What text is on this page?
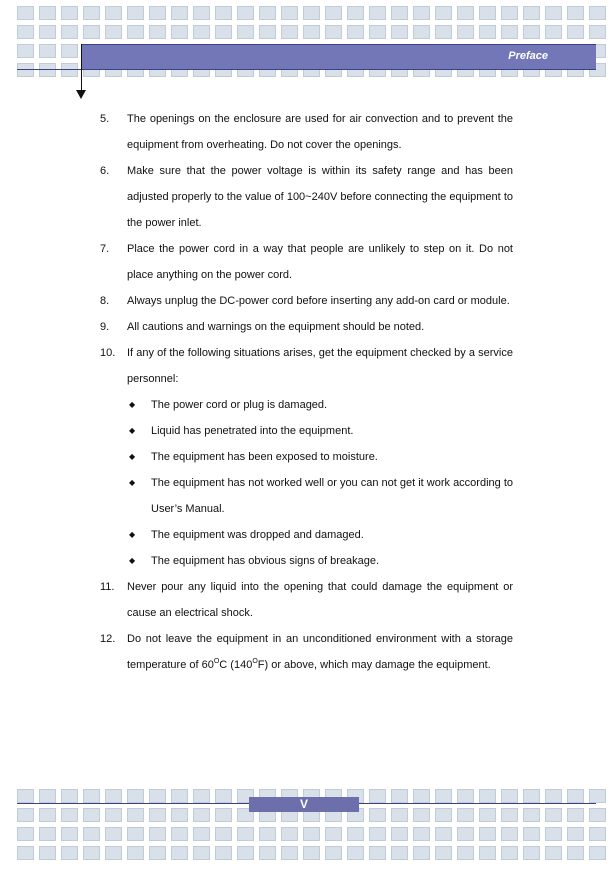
Preface
5. The openings on the enclosure are used for air convection and to prevent the equipment from overheating. Do not cover the openings.
6. Make sure that the power voltage is within its safety range and has been adjusted properly to the value of 100~240V before connecting the equipment to the power inlet.
7. Place the power cord in a way that people are unlikely to step on it. Do not place anything on the power cord.
8. Always unplug the DC-power cord before inserting any add-on card or module.
9. All cautions and warnings on the equipment should be noted.
10. If any of the following situations arises, get the equipment checked by a service personnel:
◆ The power cord or plug is damaged.
◆ Liquid has penetrated into the equipment.
◆ The equipment has been exposed to moisture.
◆ The equipment has not worked well or you can not get it work according to User’s Manual.
◆ The equipment was dropped and damaged.
◆ The equipment has obvious signs of breakage.
11. Never pour any liquid into the opening that could damage the equipment or cause an electrical shock.
12. Do not leave the equipment in an unconditioned environment with a storage temperature of $60^OC$ $(140^OF)$ or above, which may damage the equipment.
V
